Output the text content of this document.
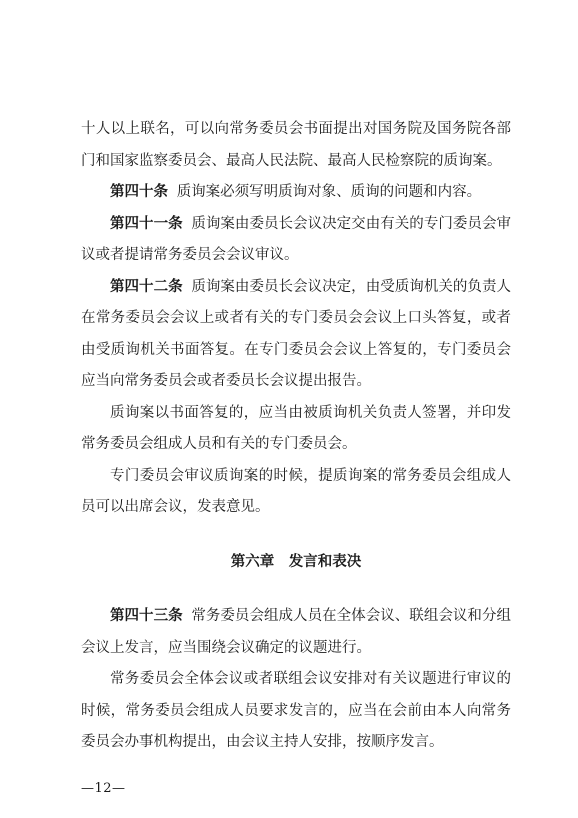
十人以上联名，可以向常务委员会书面提出对国务院及国务院各部门和国家监察委员会、最高人民法院、最高人民检察院的质询案。

第四十条 质询案必须写明质询对象、质询的问题和内容。

第四十一条 质询案由委员长会议决定交由有关的专门委员会审议或者提请常务委员会会议审议。

第四十二条 质询案由委员长会议决定，由受质询机关的负责人在常务委员会会议上或者有关的专门委员会会议上口头答复，或者由受质询机关书面答复。在专门委员会会议上答复的，专门委员会应当向常务委员会或者委员长会议提出报告。

质询案以书面答复的，应当由被质询机关负责人签署，并印发常务委员会组成人员和有关的专门委员会。

专门委员会审议质询案的时候，提质询案的常务委员会组成人员可以出席会议，发表意见。

第六章　发言和表决

第四十三条 常务委员会组成人员在全体会议、联组会议和分组会议上发言，应当围绕会议确定的议题进行。

常务委员会全体会议或者联组会议安排对有关议题进行审议的时候，常务委员会组成人员要求发言的，应当在会前由本人向常务委员会办事机构提出，由会议主持人安排，按顺序发言。

—12—
